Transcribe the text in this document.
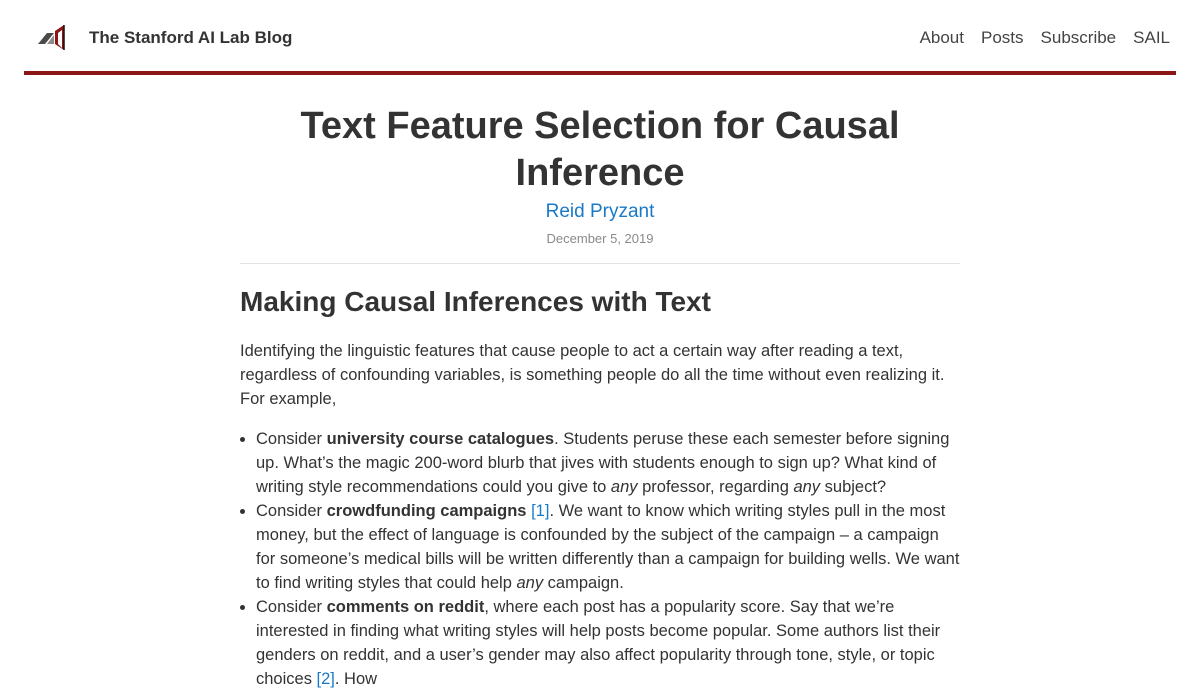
The Stanford AI Lab Blog	About Posts Subscribe SAIL
Text Feature Selection for Causal Inference
Reid Pryzant
December 5, 2019
Making Causal Inferences with Text

Identifying the linguistic features that cause people to act a certain way after reading a text, regardless of confounding variables, is something people do all the time without even realizing it. For example,

• Consider university course catalogues. Students peruse these each semester before signing up. What’s the magic 200-word blurb that jives with students enough to sign up? What kind of writing style recommendations could you give to any professor, regarding any subject?
• Consider crowdfunding campaigns [1]. We want to know which writing styles pull in the most money, but the effect of language is confounded by the subject of the campaign – a campaign for someone’s medical bills will be written differently than a campaign for building wells. We want to find writing styles that could help any campaign.
• Consider comments on reddit, where each post has a popularity score. Say that we’re interested in finding what writing styles will help posts become popular. Some authors list their genders on reddit, and a user’s gender may also affect popularity through tone, style, or topic choices [2]. How
